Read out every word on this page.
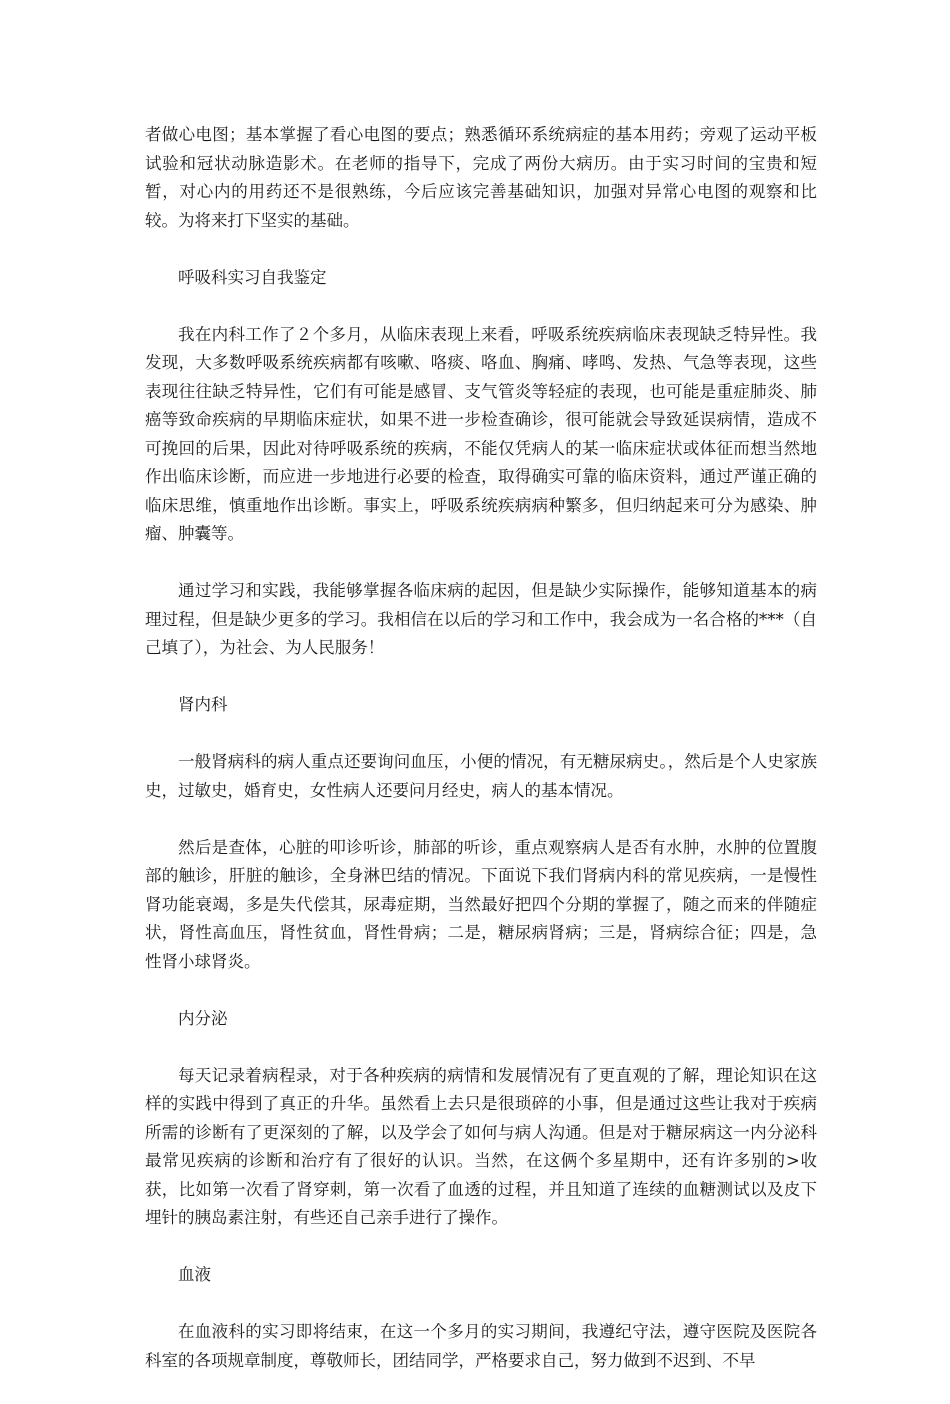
者做心电图；基本掌握了看心电图的要点；熟悉循环系统病症的基本用药；旁观了运动平板试验和冠状动脉造影术。在老师的指导下，完成了两份大病历。由于实习时间的宝贵和短暂，对心内的用药还不是很熟练，今后应该完善基础知识，加强对异常心电图的观察和比较。为将来打下坚实的基础。

呼吸科实习自我鉴定

我在内科工作了２个多月，从临床表现上来看，呼吸系统疾病临床表现缺乏特异性。我发现，大多数呼吸系统疾病都有咳嗽、咯痰、咯血、胸痛、哮鸣、发热、气急等表现，这些表现往往缺乏特异性，它们有可能是感冒、支气管炎等轻症的表现，也可能是重症肺炎、肺癌等致命疾病的早期临床症状，如果不进一步检查确诊，很可能就会导致延误病情，造成不可挽回的后果，因此对待呼吸系统的疾病，不能仅凭病人的某一临床症状或体征而想当然地作出临床诊断，而应进一步地进行必要的检查，取得确实可靠的临床资料，通过严谨正确的临床思维，慎重地作出诊断。事实上，呼吸系统疾病病种繁多，但归纳起来可分为感染、肿瘤、肿囊等。

通过学习和实践，我能够掌握各临床病的起因，但是缺少实际操作，能够知道基本的病理过程，但是缺少更多的学习。我相信在以后的学习和工作中，我会成为一名合格的***（自己填了），为社会、为人民服务！

肾内科

一般肾病科的病人重点还要询问血压，小便的情况，有无糖尿病史。，然后是个人史家族史，过敏史，婚育史，女性病人还要问月经史，病人的基本情况。

然后是查体，心脏的叩诊听诊，肺部的听诊，重点观察病人是否有水肿，水肿的位置腹部的触诊，肝脏的触诊，全身淋巴结的情况。下面说下我们肾病内科的常见疾病，一是慢性肾功能衰竭，多是失代偿其，尿毒症期，当然最好把四个分期的掌握了，随之而来的伴随症状，肾性高血压，肾性贫血，肾性骨病；二是，糖尿病肾病；三是，肾病综合征；四是，急性肾小球肾炎。

内分泌

每天记录着病程录，对于各种疾病的病情和发展情况有了更直观的了解，理论知识在这样的实践中得到了真正的升华。虽然看上去只是很琐碎的小事，但是通过这些让我对于疾病所需的诊断有了更深刻的了解，以及学会了如何与病人沟通。但是对于糖尿病这一内分泌科最常见疾病的诊断和治疗有了很好的认识。当然，在这俩个多星期中，还有许多别的>收获，比如第一次看了肾穿刺，第一次看了血透的过程，并且知道了连续的血糖测试以及皮下埋针的胰岛素注射，有些还自己亲手进行了操作。

血液

在血液科的实习即将结束，在这一个多月的实习期间，我遵纪守法，遵守医院及医院各科室的各项规章制度，尊敬师长，团结同学，严格要求自己，努力做到不迟到、不早
